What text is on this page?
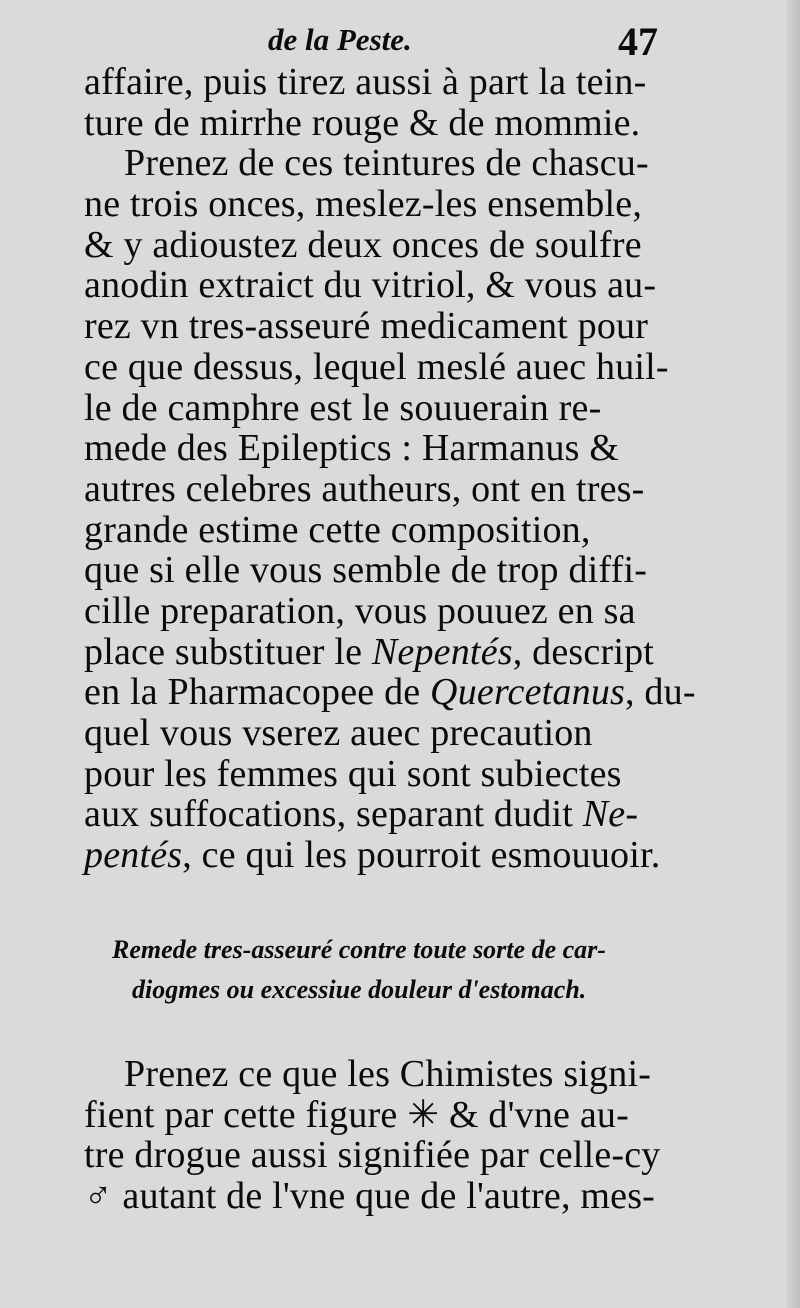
de la Peste.	47
affaire, puis tirez aussi à part la tein-
ture de mirrhe rouge & de mommie.
Prenez de ces teintures de chascu-
ne trois onces, meslez-les ensemble,
& y adioustez deux onces de soulfre
anodin extraict du vitriol, & vous au-
rez vn tres-asseuré medicament pour
ce que dessus, lequel meslé auec huil-
le de camphre est le souuerain re-
mede des Epileptics : Harmanus &
autres celebres autheurs, ont en tres-
grande estime cette composition,
que si elle vous semble de trop diffi-
cille preparation, vous pouuez en sa
place substituer le Nepentés, descript
en la Pharmacopee de Quercetanus, du-
quel vous vserez auec precaution
pour les femmes qui sont subiectes
aux suffocations, separant dudit Ne-
pentés, ce qui les pourroit esmouuoir.
Remede tres-asseuré contre toute sorte de car-
diogmes ou excessiue douleur d'estomach.
Prenez ce que les Chimistes signi-
fient par cette figure ✳ & d'vne au-
tre drogue aussi signifiée par celle-cy
♂ autant de l'vne que de l'autre, mes-
